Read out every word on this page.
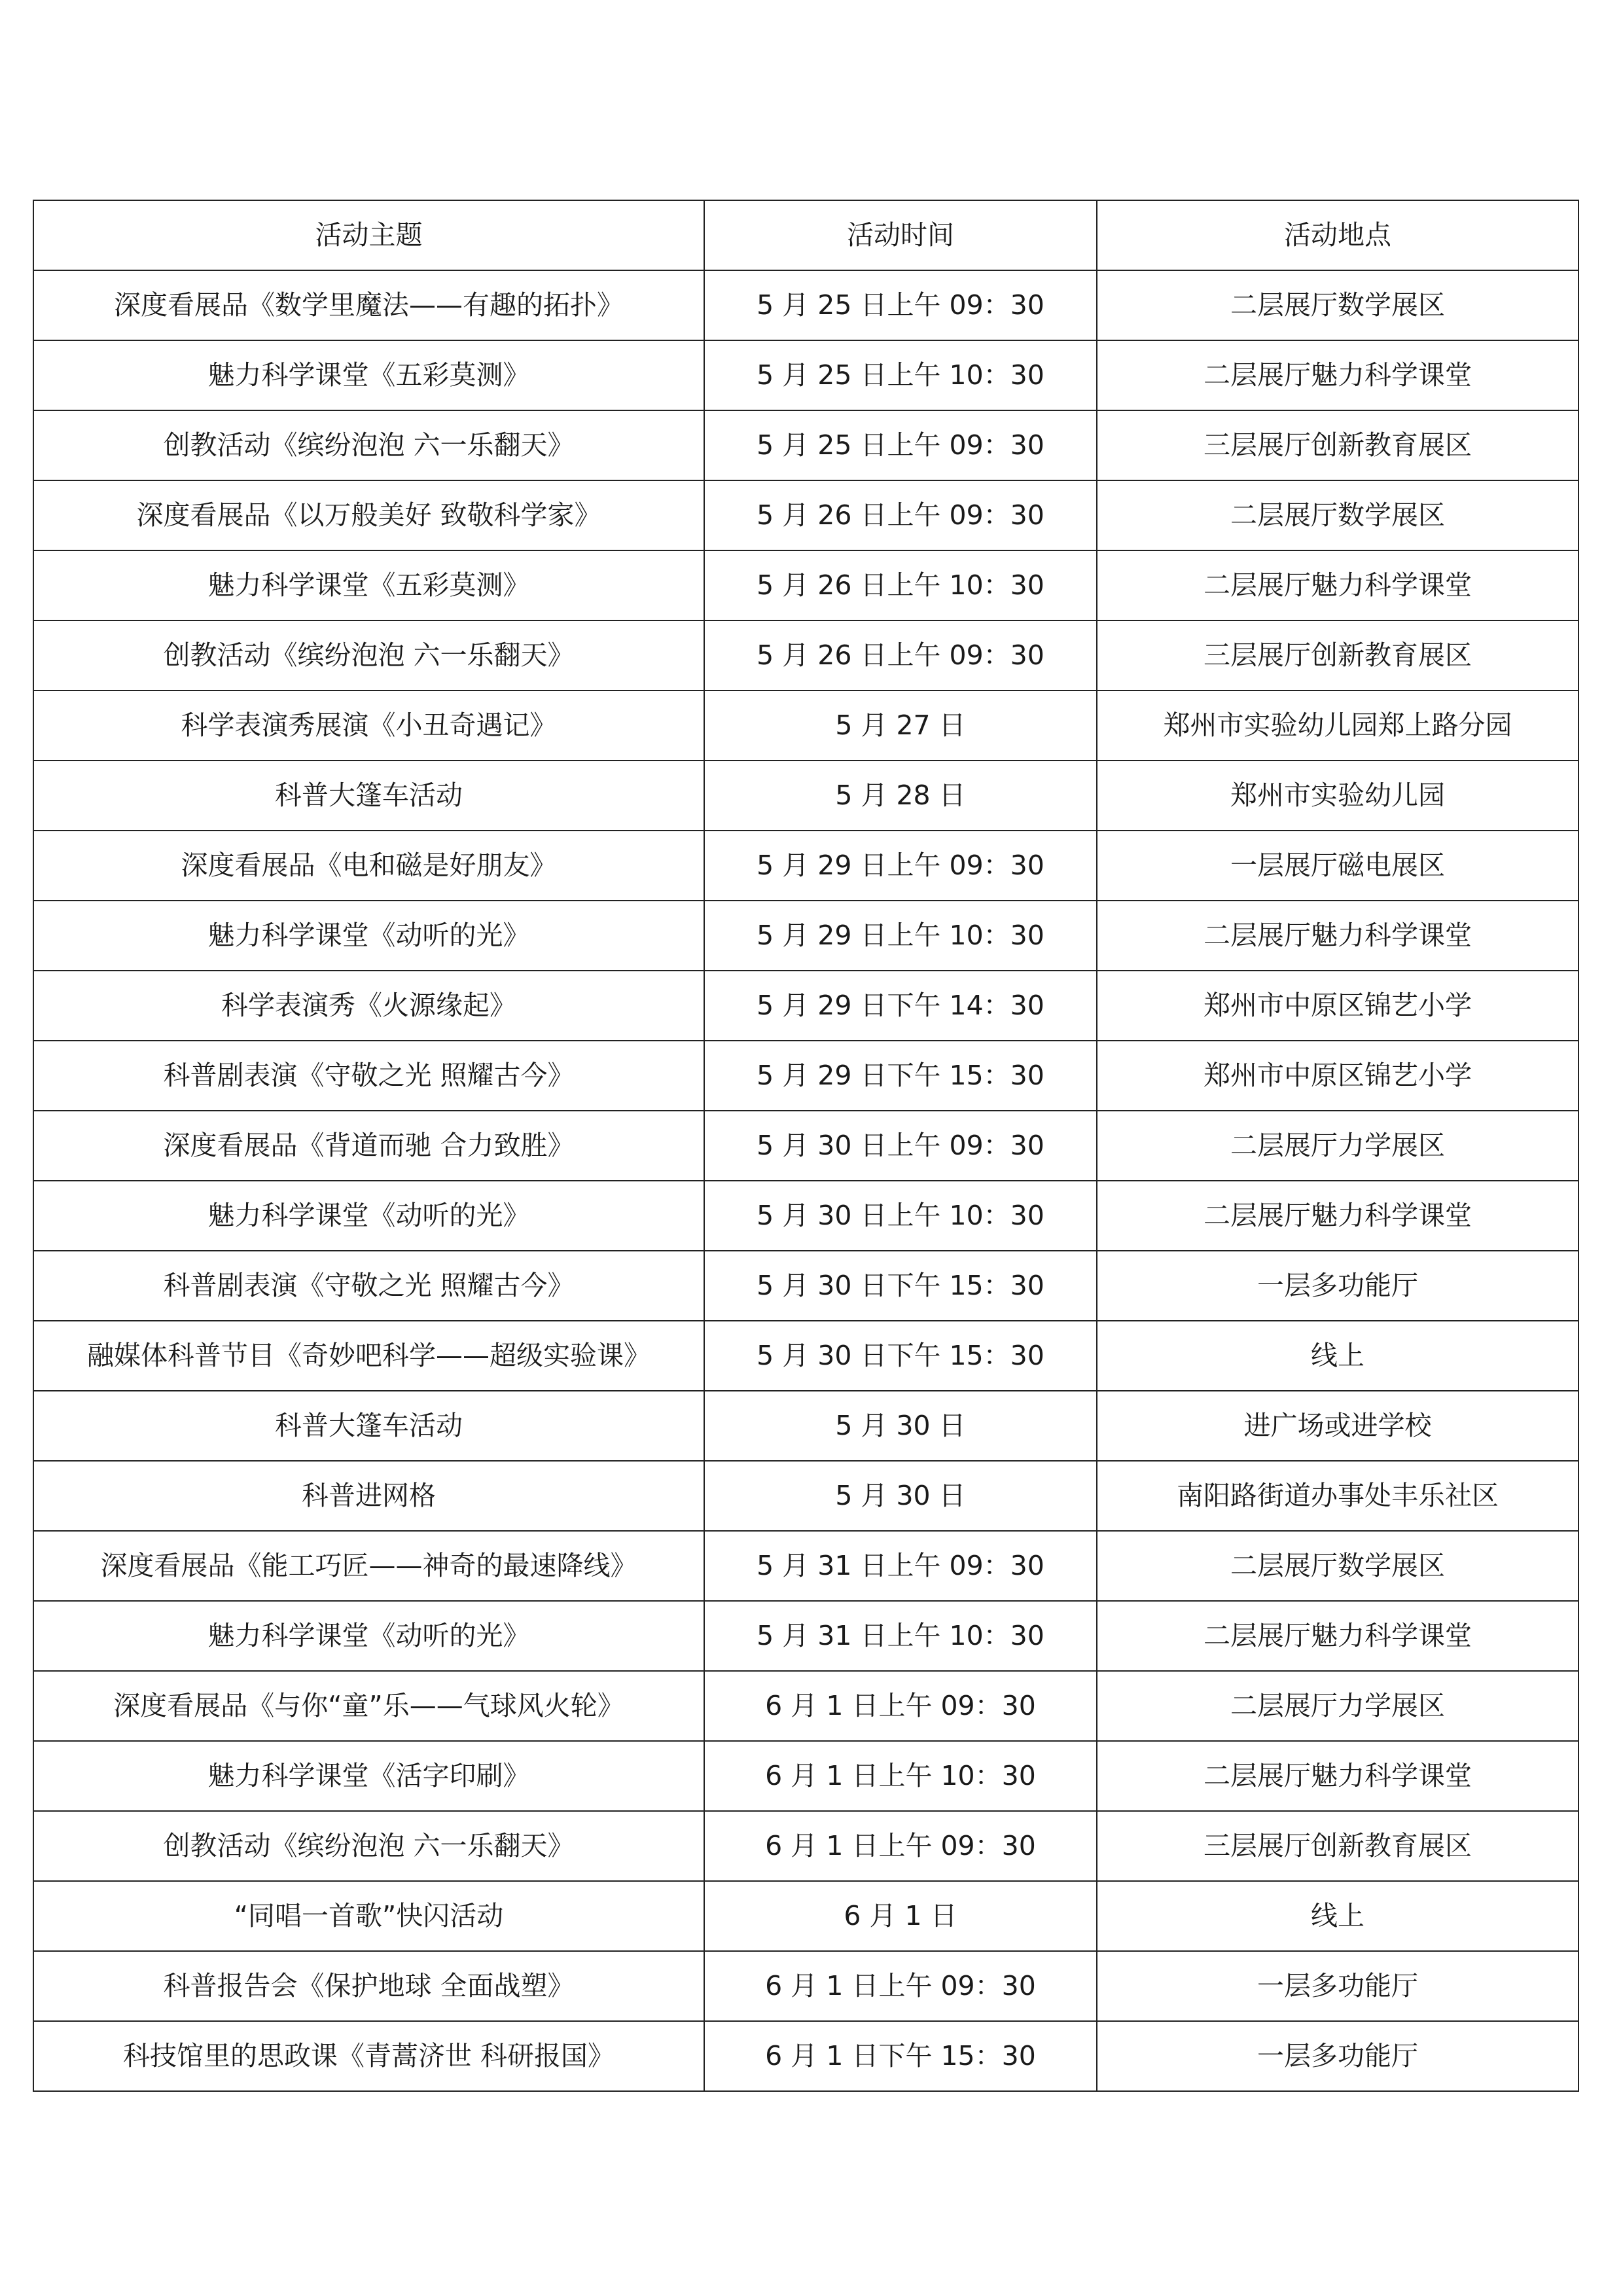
活动主题	活动时间	活动地点
深度看展品《数学里魔法——有趣的拓扑》	5 月 25 日上午 09：30	二层展厅数学展区
魅力科学课堂《五彩莫测》	5 月 25 日上午 10：30	二层展厅魅力科学课堂
创教活动《缤纷泡泡 六一乐翻天》	5 月 25 日上午 09：30	三层展厅创新教育展区
深度看展品《以万般美好 致敬科学家》	5 月 26 日上午 09：30	二层展厅数学展区
魅力科学课堂《五彩莫测》	5 月 26 日上午 10：30	二层展厅魅力科学课堂
创教活动《缤纷泡泡 六一乐翻天》	5 月 26 日上午 09：30	三层展厅创新教育展区
科学表演秀展演《小丑奇遇记》	5 月 27 日	郑州市实验幼儿园郑上路分园
科普大篷车活动	5 月 28 日	郑州市实验幼儿园
深度看展品《电和磁是好朋友》	5 月 29 日上午 09：30	一层展厅磁电展区
魅力科学课堂《动听的光》	5 月 29 日上午 10：30	二层展厅魅力科学课堂
科学表演秀《火源缘起》	5 月 29 日下午 14：30	郑州市中原区锦艺小学
科普剧表演《守敬之光 照耀古今》	5 月 29 日下午 15：30	郑州市中原区锦艺小学
深度看展品《背道而驰 合力致胜》	5 月 30 日上午 09：30	二层展厅力学展区
魅力科学课堂《动听的光》	5 月 30 日上午 10：30	二层展厅魅力科学课堂
科普剧表演《守敬之光 照耀古今》	5 月 30 日下午 15：30	一层多功能厅
融媒体科普节目《奇妙吧科学——超级实验课》	5 月 30 日下午 15：30	线上
科普大篷车活动	5 月 30 日	进广场或进学校
科普进网格	5 月 30 日	南阳路街道办事处丰乐社区
深度看展品《能工巧匠——神奇的最速降线》	5 月 31 日上午 09：30	二层展厅数学展区
魅力科学课堂《动听的光》	5 月 31 日上午 10：30	二层展厅魅力科学课堂
深度看展品《与你“童”乐——气球风火轮》	6 月 1 日上午 09：30	二层展厅力学展区
魅力科学课堂《活字印刷》	6 月 1 日上午 10：30	二层展厅魅力科学课堂
创教活动《缤纷泡泡 六一乐翻天》	6 月 1 日上午 09：30	三层展厅创新教育展区
“同唱一首歌”快闪活动	6 月 1 日	线上
科普报告会《保护地球 全面战塑》	6 月 1 日上午 09：30	一层多功能厅
科技馆里的思政课《青蒿济世 科研报国》	6 月 1 日下午 15：30	一层多功能厅
